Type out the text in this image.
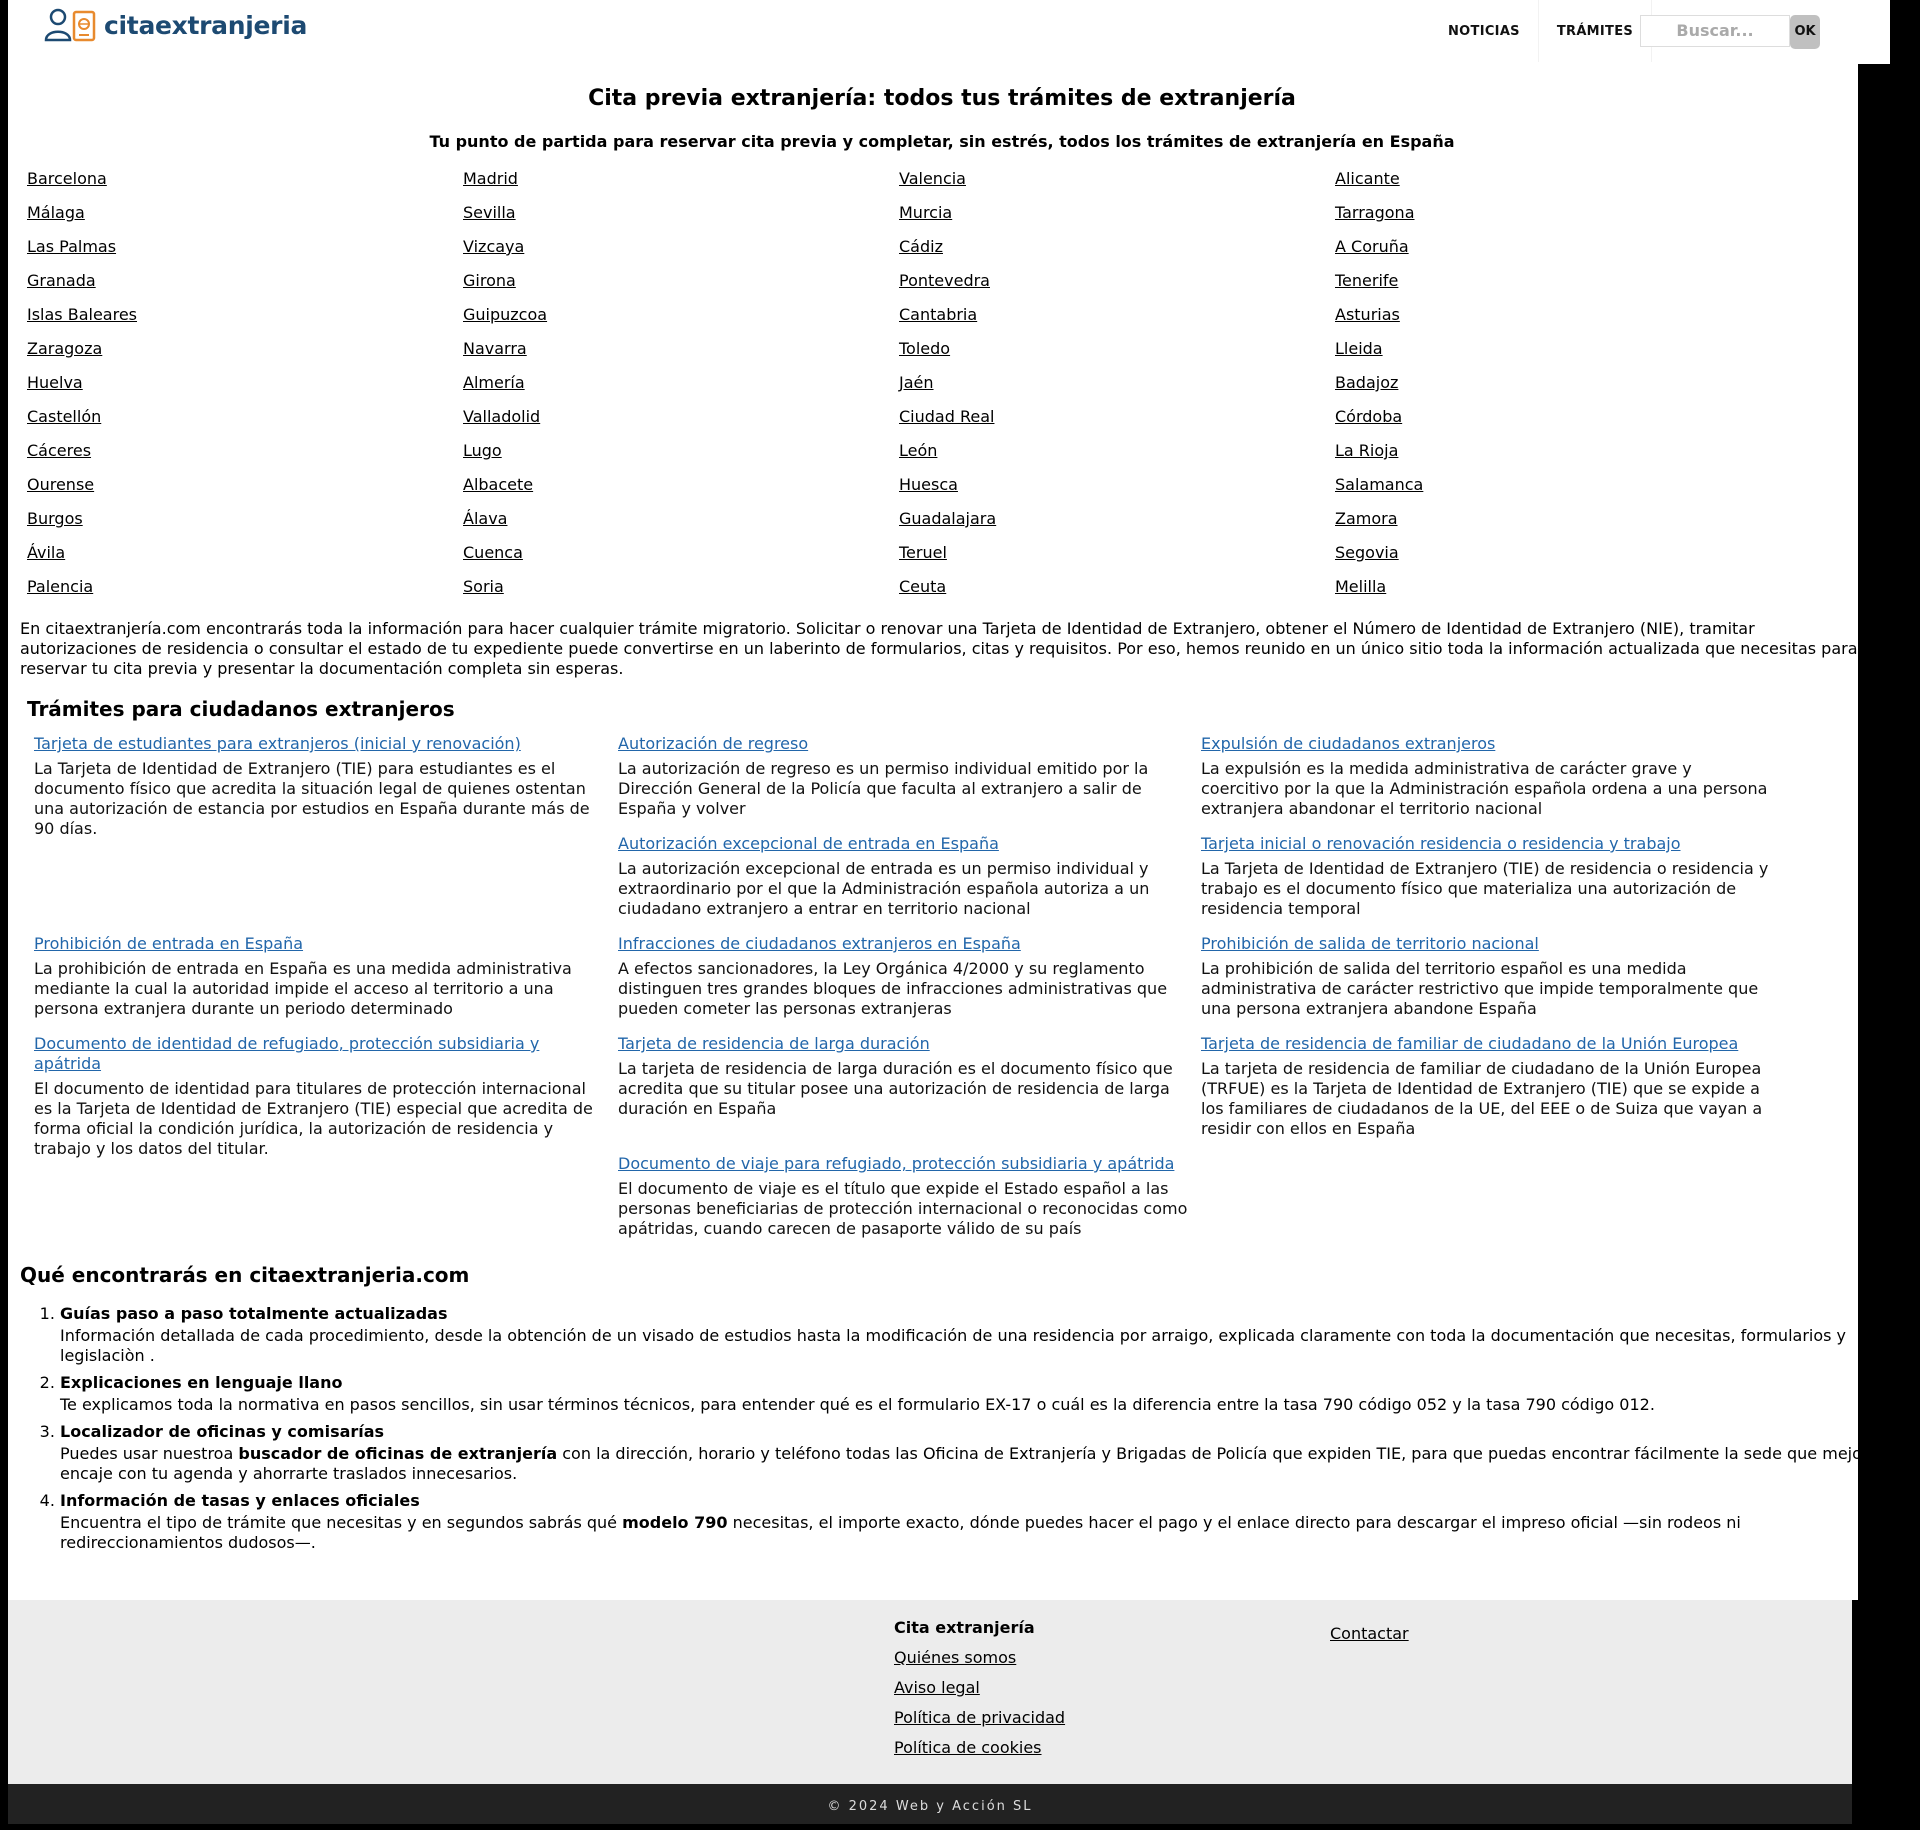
citaextranjeria	NOTICIAS	TRÁMITES	Buscar...	OK
Cita previa extranjería: todos tus trámites de extranjería
Tu punto de partida para reservar cita previa y completar, sin estrés, todos los trámites de extranjería en España
Barcelona	Madrid	Valencia	Alicante
Málaga	Sevilla	Murcia	Tarragona
Las Palmas	Vizcaya	Cádiz	A Coruña
Granada	Girona	Pontevedra	Tenerife
Islas Baleares	Guipuzcoa	Cantabria	Asturias
Zaragoza	Navarra	Toledo	Lleida
Huelva	Almería	Jaén	Badajoz
Castellón	Valladolid	Ciudad Real	Córdoba
Cáceres	Lugo	León	La Rioja
Ourense	Albacete	Huesca	Salamanca
Burgos	Álava	Guadalajara	Zamora
Ávila	Cuenca	Teruel	Segovia
Palencia	Soria	Ceuta	Melilla

En citaextranjería.com encontrarás toda la información para hacer cualquier trámite migratorio. Solicitar o renovar una Tarjeta de Identidad de Extranjero, obtener el Número de Identidad de Extranjero (NIE), tramitar autorizaciones de residencia o consultar el estado de tu expediente puede convertirse en un laberinto de formularios, citas y requisitos. Por eso, hemos reunido en un único sitio toda la información actualizada que necesitas para reservar tu cita previa y presentar la documentación completa sin esperas.

Trámites para ciudadanos extranjeros
Tarjeta de estudiantes para extranjeros (inicial y renovación)

La Tarjeta de Identidad de Extranjero (TIE) para estudiantes es el documento físico que acredita la situación legal de quienes ostentan una autorización de estancia por estudios en España durante más de 90 días.

Autorización de regreso

La autorización de regreso es un permiso individual emitido por la Dirección General de la Policía que faculta al extranjero a salir de España y volver

Expulsión de ciudadanos extranjeros

La expulsión es la medida administrativa de carácter grave y coercitivo por la que la Administración española ordena a una persona extranjera abandonar el territorio nacional

Autorización excepcional de entrada en España

La autorización excepcional de entrada es un permiso individual y extraordinario por el que la Administración española autoriza a un ciudadano extranjero a entrar en territorio nacional

Tarjeta inicial o renovación residencia o residencia y trabajo

La Tarjeta de Identidad de Extranjero (TIE) de residencia o residencia y trabajo es el documento físico que materializa una autorización de residencia temporal

Prohibición de entrada en España

La prohibición de entrada en España es una medida administrativa mediante la cual la autoridad impide el acceso al territorio a una persona extranjera durante un periodo determinado

Infracciones de ciudadanos extranjeros en España

A efectos sancionadores, la Ley Orgánica 4/2000 y su reglamento distinguen tres grandes bloques de infracciones administrativas que pueden cometer las personas extranjeras

Prohibición de salida de territorio nacional

La prohibición de salida del territorio español es una medida administrativa de carácter restrictivo que impide temporalmente que una persona extranjera abandone España

Documento de identidad de refugiado, protección subsidiaria y apátrida

El documento de identidad para titulares de protección internacional es la Tarjeta de Identidad de Extranjero (TIE) especial que acredita de forma oficial la condición jurídica, la autorización de residencia y trabajo y los datos del titular.

Tarjeta de residencia de larga duración

La tarjeta de residencia de larga duración es el documento físico que acredita que su titular posee una autorización de residencia de larga duración en España

Tarjeta de residencia de familiar de ciudadano de la Unión Europea

La tarjeta de residencia de familiar de ciudadano de la Unión Europea (TRFUE) es la Tarjeta de Identidad de Extranjero (TIE) que se expide a los familiares de ciudadanos de la UE, del EEE o de Suiza que vayan a residir con ellos en España

Documento de viaje para refugiado, protección subsidiaria y apátrida

El documento de viaje es el título que expide el Estado español a las personas beneficiarias de protección internacional o reconocidas como apátridas, cuando carecen de pasaporte válido de su país

Qué encontrarás en citaextranjeria.com
1. Guías paso a paso totalmente actualizadas
Información detallada de cada procedimiento, desde la obtención de un visado de estudios hasta la modificación de una residencia por arraigo, explicada claramente con toda la documentación que necesitas, formularios y legislaciòn .
2. Explicaciones en lenguaje llano
Te explicamos toda la normativa en pasos sencillos, sin usar términos técnicos, para entender qué es el formulario EX-17 o cuál es la diferencia entre la tasa 790 código 052 y la tasa 790 código 012.
3. Localizador de oficinas y comisarías
Puedes usar nuestroa buscador de oficinas de extranjería con la dirección, horario y teléfono todas las Oficina de Extranjería y Brigadas de Policía que expiden TIE, para que puedas encontrar fácilmente la sede que mejor encaje con tu agenda y ahorrarte traslados innecesarios.
4. Información de tasas y enlaces oficiales
Encuentra el tipo de trámite que necesitas y en segundos sabrás qué modelo 790 necesitas, el importe exacto, dónde puedes hacer el pago y el enlace directo para descargar el impreso oficial —sin rodeos ni redireccionamientos dudosos—.
Cita extranjería
Quiénes somos
Aviso legal
Política de privacidad
Política de cookies
Contactar
© 2024 Web y Acción SL
